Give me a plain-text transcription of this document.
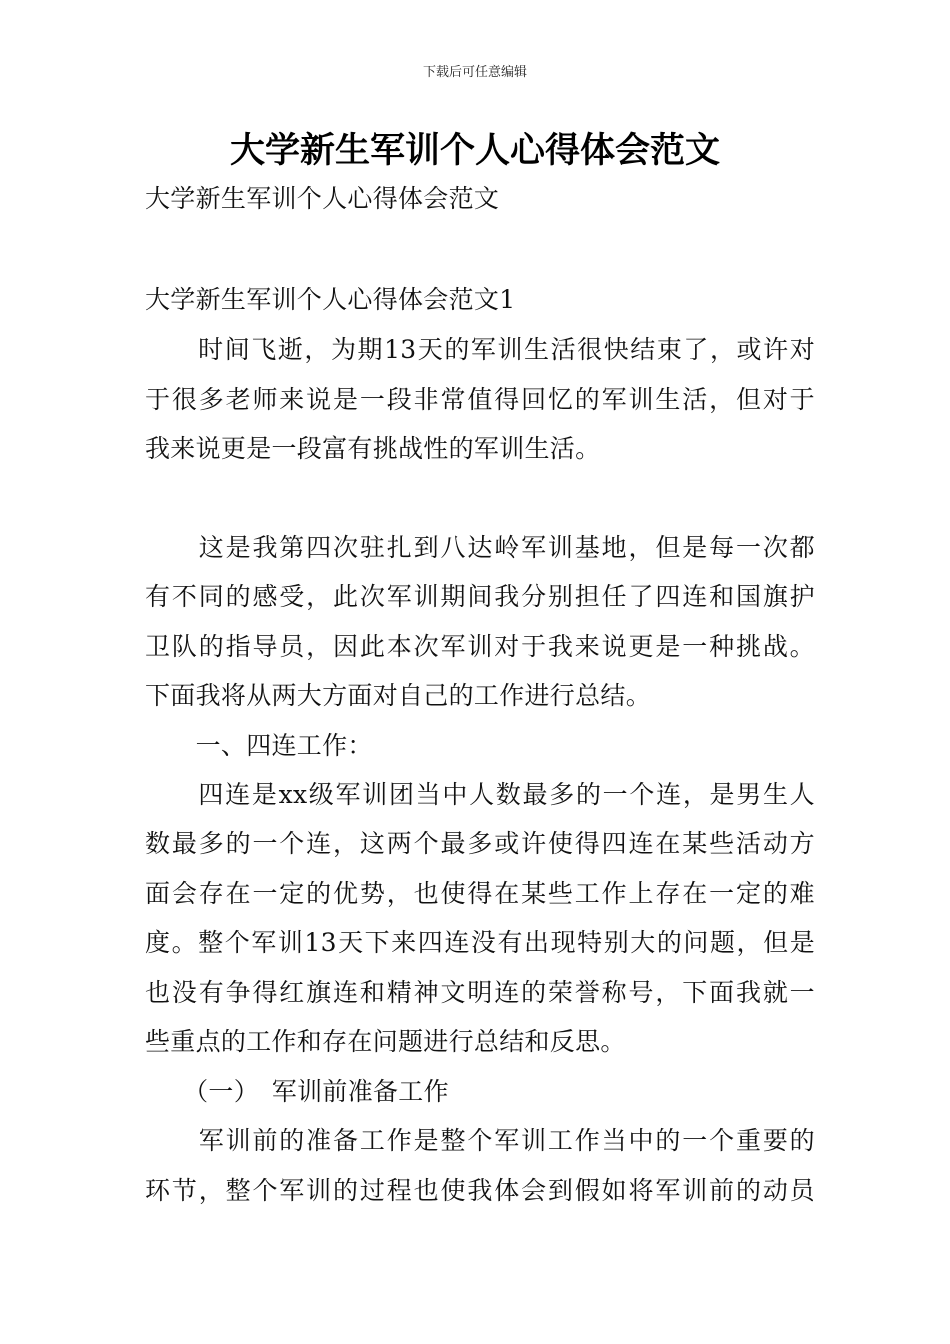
下载后可任意编辑
大学新生军训个人心得体会范文
大学新生军训个人心得体会范文
大学新生军训个人心得体会范文1
　　时间飞逝，为期13天的军训生活很快结束了，或许对
于很多老师来说是一段非常值得回忆的军训生活，但对于
我来说更是一段富有挑战性的军训生活。
　　这是我第四次驻扎到八达岭军训基地，但是每一次都
有不同的感受，此次军训期间我分别担任了四连和国旗护
卫队的指导员，因此本次军训对于我来说更是一种挑战。
下面我将从两大方面对自己的工作进行总结。
　　一、四连工作：
　　四连是xx级军训团当中人数最多的一个连，是男生人
数最多的一个连，这两个最多或许使得四连在某些活动方
面会存在一定的优势，也使得在某些工作上存在一定的难
度。整个军训13天下来四连没有出现特别大的问题，但是
也没有争得红旗连和精神文明连的荣誉称号，下面我就一
些重点的工作和存在问题进行总结和反思。
　　（一）　军训前准备工作
　　军训前的准备工作是整个军训工作当中的一个重要的
环节，整个军训的过程也使我体会到假如将军训前的动员
